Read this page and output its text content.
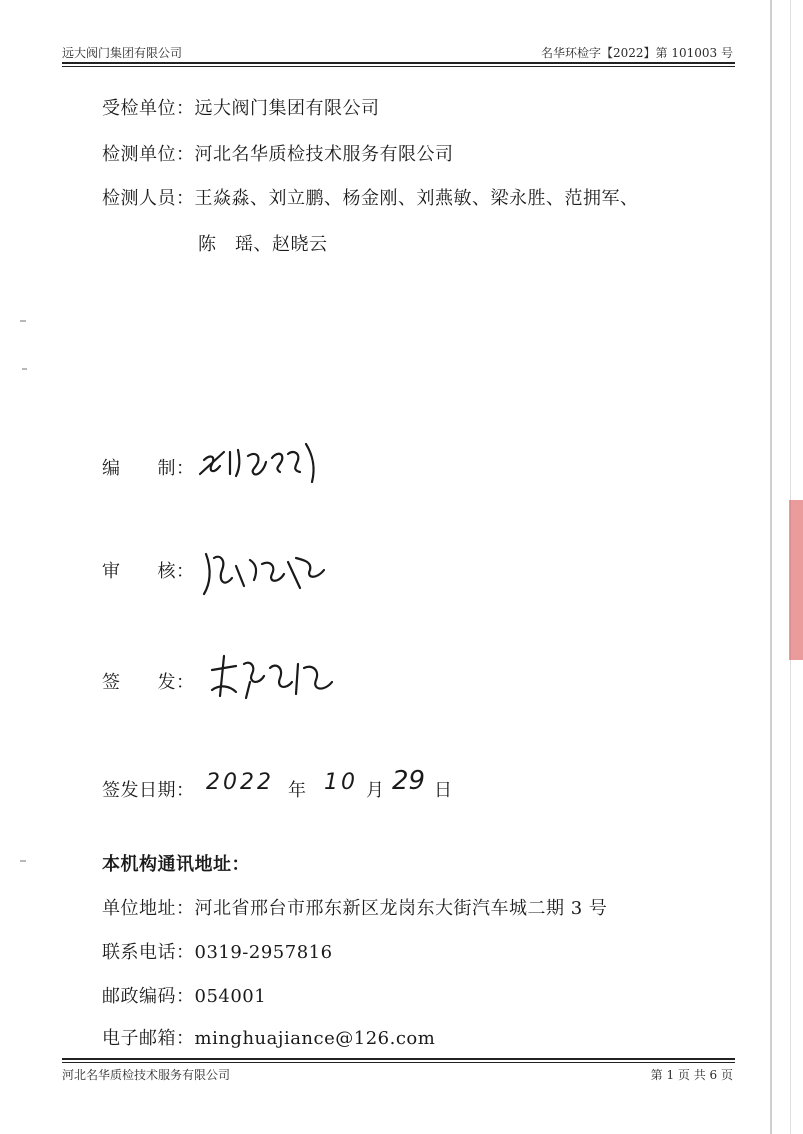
远大阀门集团有限公司	名华环检字【2022】第 101003 号
受检单位：远大阀门集团有限公司
检测单位：河北名华质检技术服务有限公司
检测人员：王焱淼、刘立鹏、杨金刚、刘燕敏、梁永胜、范拥军、
陈　瑶、赵晓云
编　　制：
审　　核：
签　　发：
签发日期： 2022 年 10 月 29 日
本机构通讯地址：
单位地址：河北省邢台市邢东新区龙岗东大街汽车城二期 3 号
联系电话：0319-2957816
邮政编码：054001
电子邮箱：minghuajiance@126.com
河北名华质检技术服务有限公司	第 1 页 共 6 页
